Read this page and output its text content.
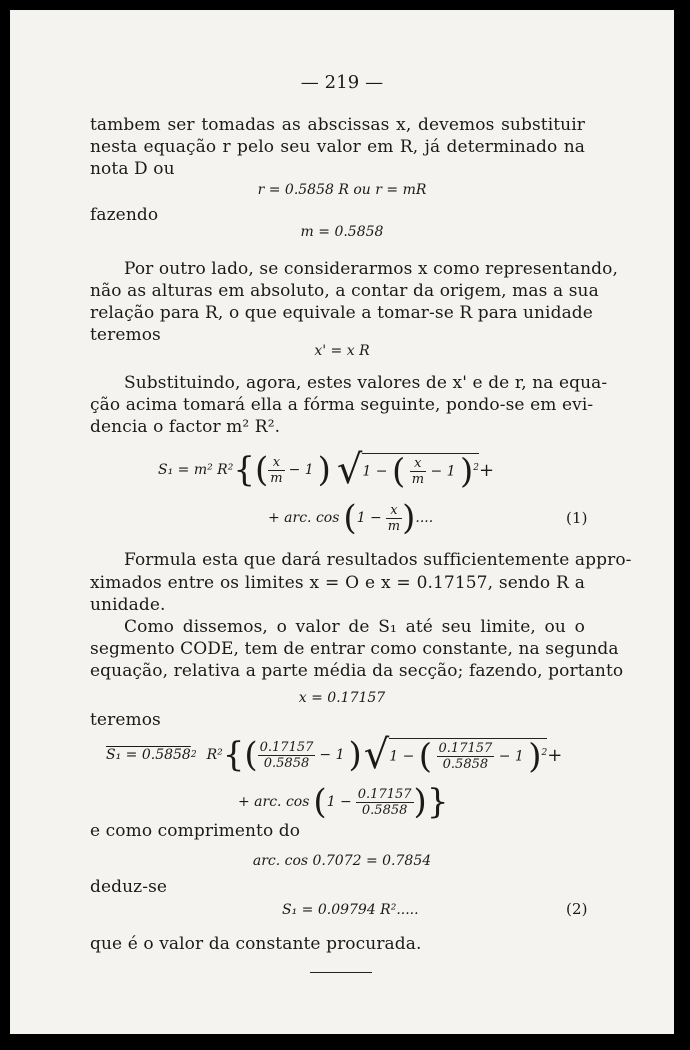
— 219 —
tambem ser tomadas as abscissas x, devemos substituir
nesta equação r pelo seu valor em R, já determinado na
nota D ou
r = 0.5858 R ou r = mR
fazendo
m = 0.5858
Por outro lado, se considerarmos x como representando,
não as alturas em absoluto, a contar da origem, mas a sua
relação para R, o que equivale a tomar-se R para unidade
teremos
x' = x R
Substituindo, agora, estes valores de x' e de r, na equa-
ção acima tomará ella a fórma seguinte, pondo-se em evi-
dencia o factor m² R².
S₁ = m² R² { ( $\frac{x}{m} - 1$ ) √ 1 − ( $\frac{x}{m} - 1$ )$^2$ +
+ arc. cos ( $1 - \frac{x}{m}$ ) ....	(1)
Formula esta que dará resultados sufficientemente appro-
ximados entre os limites x = O e x = 0.17157, sendo R a
unidade.
Como dissemos, o valor de S₁ até seu limite, ou o
segmento CODE, tem de entrar como constante, na segunda
equação, relativa a parte média da secção; fazendo, portanto
x = 0.17157
teremos
S₁ = 0.5858 2 R² { ( $\frac{0.17157}{0.5858} - 1$ ) √ 1 − ( $\frac{0.17157}{0.5858} - 1$ )$^2$ +
+ arc. cos ( $1 - \frac{0.17157}{0.5858}$ ) }
e como comprimento do
arc. cos 0.7072 = 0.7854
deduz-se
S₁ = 0.09794 R².....	(2)
que é o valor da constante procurada.
